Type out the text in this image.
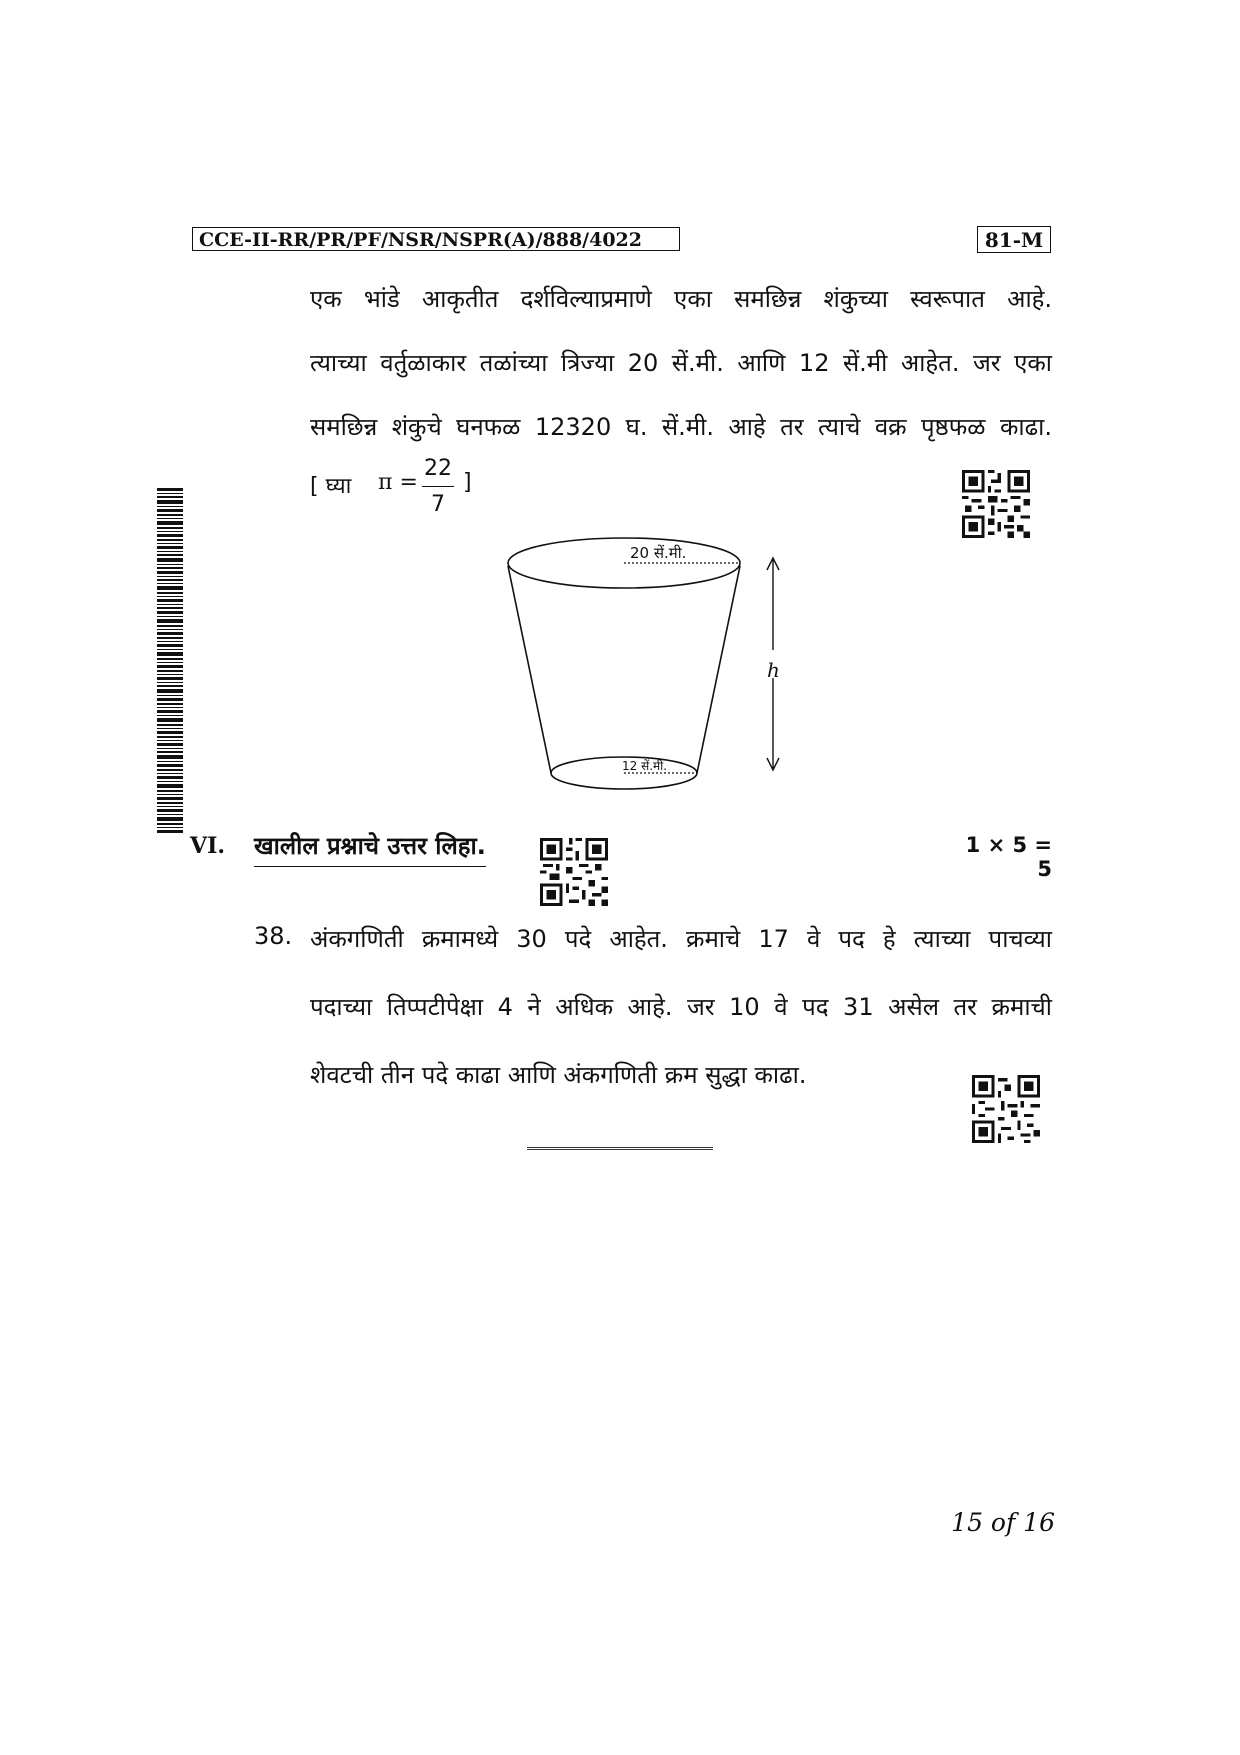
CCE-II-RR/PR/PF/NSR/NSPR(A)/888/4022	81-M
एक भांडे आकृतीत दर्शविल्याप्रमाणे एका समछिन्न शंकुच्या स्वरूपात आहे.
त्याच्या वर्तुळाकार तळांच्या त्रिज्या 20 सें.मी. आणि 12 सें.मी आहेत. जर एका
समछिन्न शंकुचे घनफळ 12320 घ. सें.मी. आहे तर त्याचे वक्र पृष्ठफळ काढा.
[ घ्या π =
22
7
]
20 सें.मी.
12 सें.मी.
h
VI. खालील प्रश्नाचे उत्तर लिहा.	1 × 5 = 5
38. अंकगणिती क्रमामध्ये 30 पदे आहेत. क्रमाचे 17 वे पद हे त्याच्या पाचव्या
पदाच्या तिप्पटीपेक्षा 4 ने अधिक आहे. जर 10 वे पद 31 असेल तर क्रमाची
शेवटची तीन पदे काढा आणि अंकगणिती क्रम सुद्धा काढा.
15 of 16
